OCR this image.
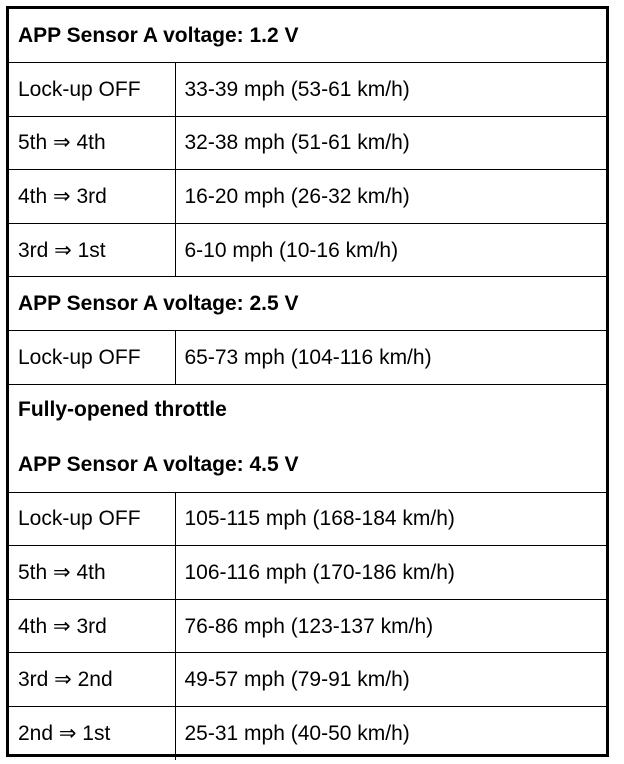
APP Sensor A voltage: 1.2 V	
Lock-up OFF	33-39 mph (53-61 km/h)
5th ⇒ 4th	32-38 mph (51-61 km/h)
4th ⇒ 3rd	16-20 mph (26-32 km/h)
3rd ⇒ 1st	6-10 mph (10-16 km/h)
APP Sensor A voltage: 2.5 V	
Lock-up OFF	65-73 mph (104-116 km/h)

Fully-opened throttle
APP Sensor A voltage: 4.5 V	

Lock-up OFF	105-115 mph (168-184 km/h)
5th ⇒ 4th	106-116 mph (170-186 km/h)
4th ⇒ 3rd	76-86 mph (123-137 km/h)
3rd ⇒ 2nd	49-57 mph (79-91 km/h)
2nd ⇒ 1st	25-31 mph (40-50 km/h)
